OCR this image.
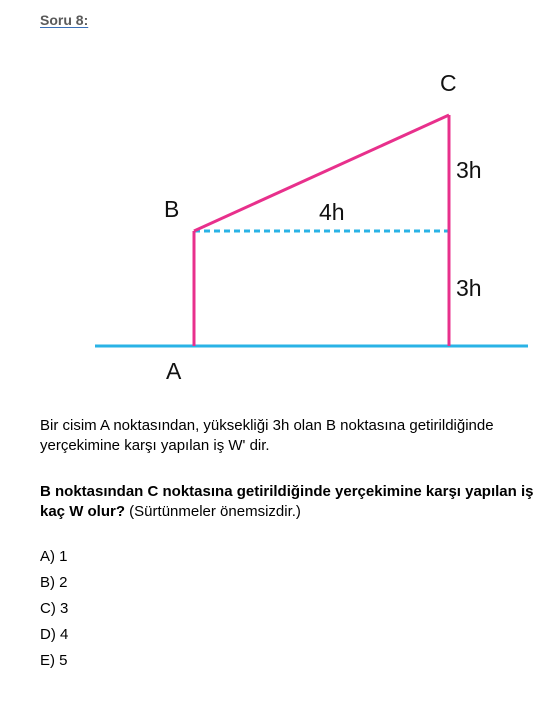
Soru 8:
C
3h
B	4h
3h
A
Bir cisim A noktasından, yüksekliği 3h olan B noktasına getirildiğinde yerçekimine karşı yapılan iş W' dir.
B noktasından C noktasına getirildiğinde yerçekimine karşı yapılan iş kaç W olur? (Sürtünmeler önemsizdir.)
A) 1
B) 2
C) 3
D) 4
E) 5
